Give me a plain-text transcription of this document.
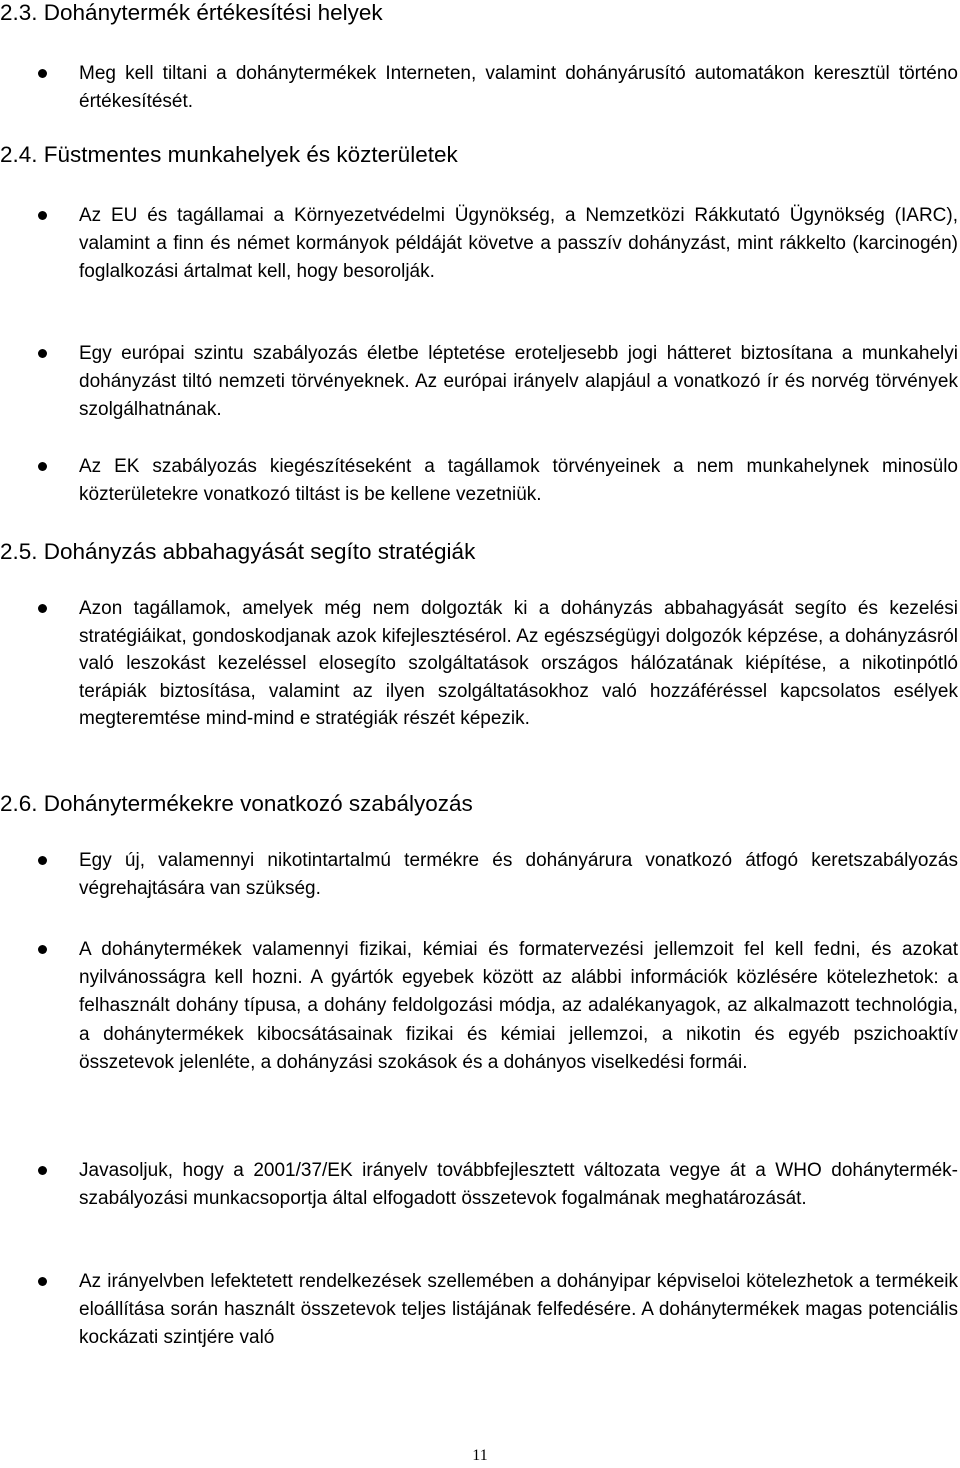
2.3. Dohánytermék értékesítési helyek
Meg kell tiltani a dohánytermékek Interneten, valamint dohányárusító automatákon keresztül történo értékesítését.
2.4. Füstmentes munkahelyek és közterületek
Az EU és tagállamai a Környezetvédelmi Ügynökség, a Nemzetközi Rákkutató Ügynökség (IARC), valamint a finn és német kormányok példáját követve a passzív dohányzást, mint rákkelto (karcinogén) foglalkozási ártalmat kell, hogy besorolják.
Egy európai szintu szabályozás életbe léptetése eroteljesebb jogi hátteret biztosítana a munkahelyi dohányzást tiltó nemzeti törvényeknek. Az európai irányelv alapjául a vonatkozó ír és norvég törvények szolgálhatnának.
Az EK szabályozás kiegészítéseként a tagállamok törvényeinek a nem munkahelynek minosülo közterületekre vonatkozó tiltást is be kellene vezetniük.
2.5. Dohányzás abbahagyását segíto stratégiák
Azon tagállamok, amelyek még nem dolgozták ki a dohányzás abbahagyását segíto és kezelési stratégiáikat, gondoskodjanak azok kifejlesztésérol. Az egészségügyi dolgozók képzése, a dohányzásról való leszokást kezeléssel elosegíto szolgáltatások országos hálózatának kiépítése, a nikotinpótló terápiák biztosítása, valamint az ilyen szolgáltatásokhoz való hozzáféréssel kapcsolatos esélyek megteremtése mind-mind e stratégiák részét képezik.
2.6. Dohánytermékekre vonatkozó szabályozás
Egy új, valamennyi nikotintartalmú termékre és dohányárura vonatkozó átfogó keretszabályozás végrehajtására van szükség.
A dohánytermékek valamennyi fizikai, kémiai és formatervezési jellemzoit fel kell fedni, és azokat nyilvánosságra kell hozni. A gyártók egyebek között az alábbi információk közlésére kötelezhetok: a felhasznált dohány típusa, a dohány feldolgozási módja, az adalékanyagok, az alkalmazott technológia, a dohánytermékek kibocsátásainak fizikai és kémiai jellemzoi, a nikotin és egyéb pszichoaktív összetevok jelenléte, a dohányzási szokások és a dohányos viselkedési formái.
Javasoljuk, hogy a 2001/37/EK irányelv továbbfejlesztett változata vegye át a WHO dohánytermék-szabályozási munkacsoportja által elfogadott összetevok fogalmának meghatározását.
Az irányelvben lefektetett rendelkezések szellemében a dohányipar képviseloi kötelezhetok a termékeik eloállítása során használt összetevok teljes listájának felfedésére. A dohánytermékek magas potenciális kockázati szintjére való
11
